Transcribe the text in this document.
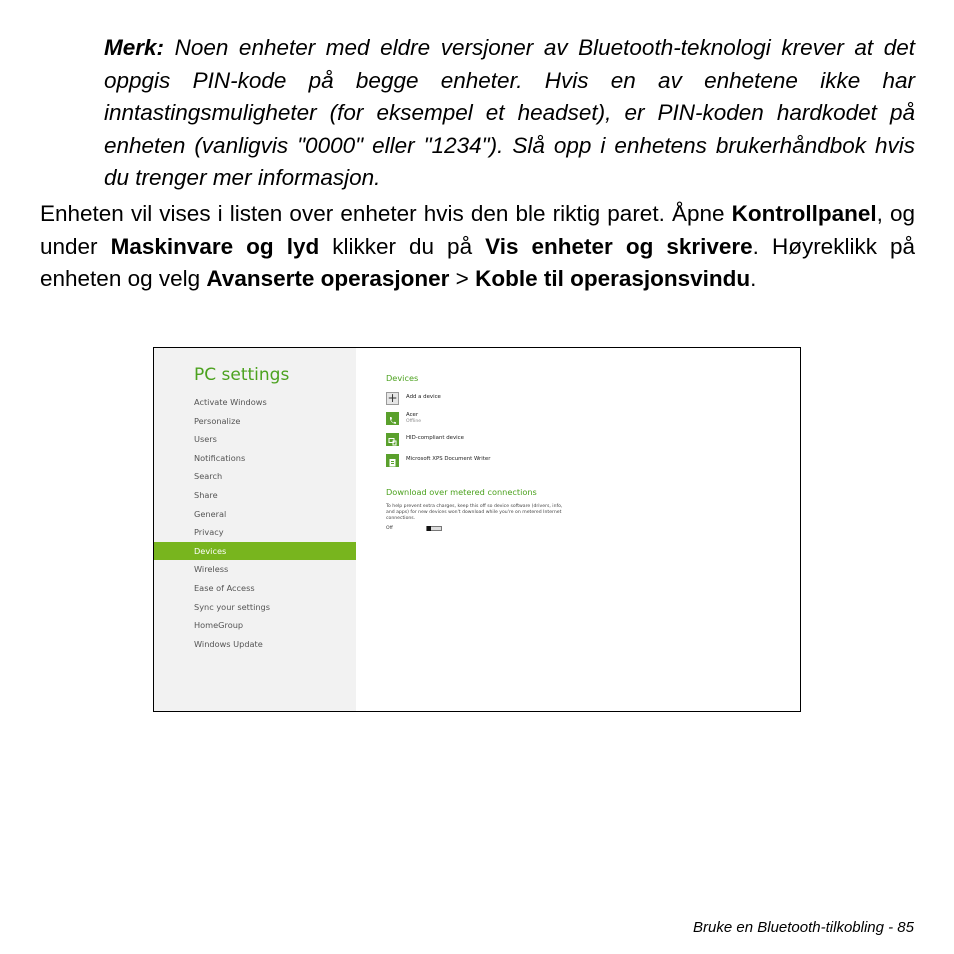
Merk: Noen enheter med eldre versjoner av Bluetooth-teknologi krever at det oppgis PIN-kode på begge enheter. Hvis en av enhetene ikke har inntastingsmuligheter (for eksempel et headset), er PIN-koden hardkodet på enheten (vanligvis "0000" eller "1234"). Slå opp i enhetens brukerhåndbok hvis du trenger mer informasjon.
Enheten vil vises i listen over enheter hvis den ble riktig paret. Åpne Kontrollpanel, og under Maskinvare og lyd klikker du på Vis enheter og skrivere. Høyreklikk på enheten og velg Avanserte operasjoner > Koble til operasjonsvindu.
PC settings
Activate Windows
Personalize
Users
Notifications
Search
Share
General
Privacy
Devices
Wireless
Ease of Access
Sync your settings
HomeGroup
Windows Update
Devices
+ Add a device
Acer
Offline
HID-compliant device
Microsoft XPS Document Writer
Download over metered connections
To help prevent extra charges, keep this off so device software (drivers, info, and apps) for new devices won't download while you're on metered Internet connections.
Off
Bruke en Bluetooth-tilkobling - 85
